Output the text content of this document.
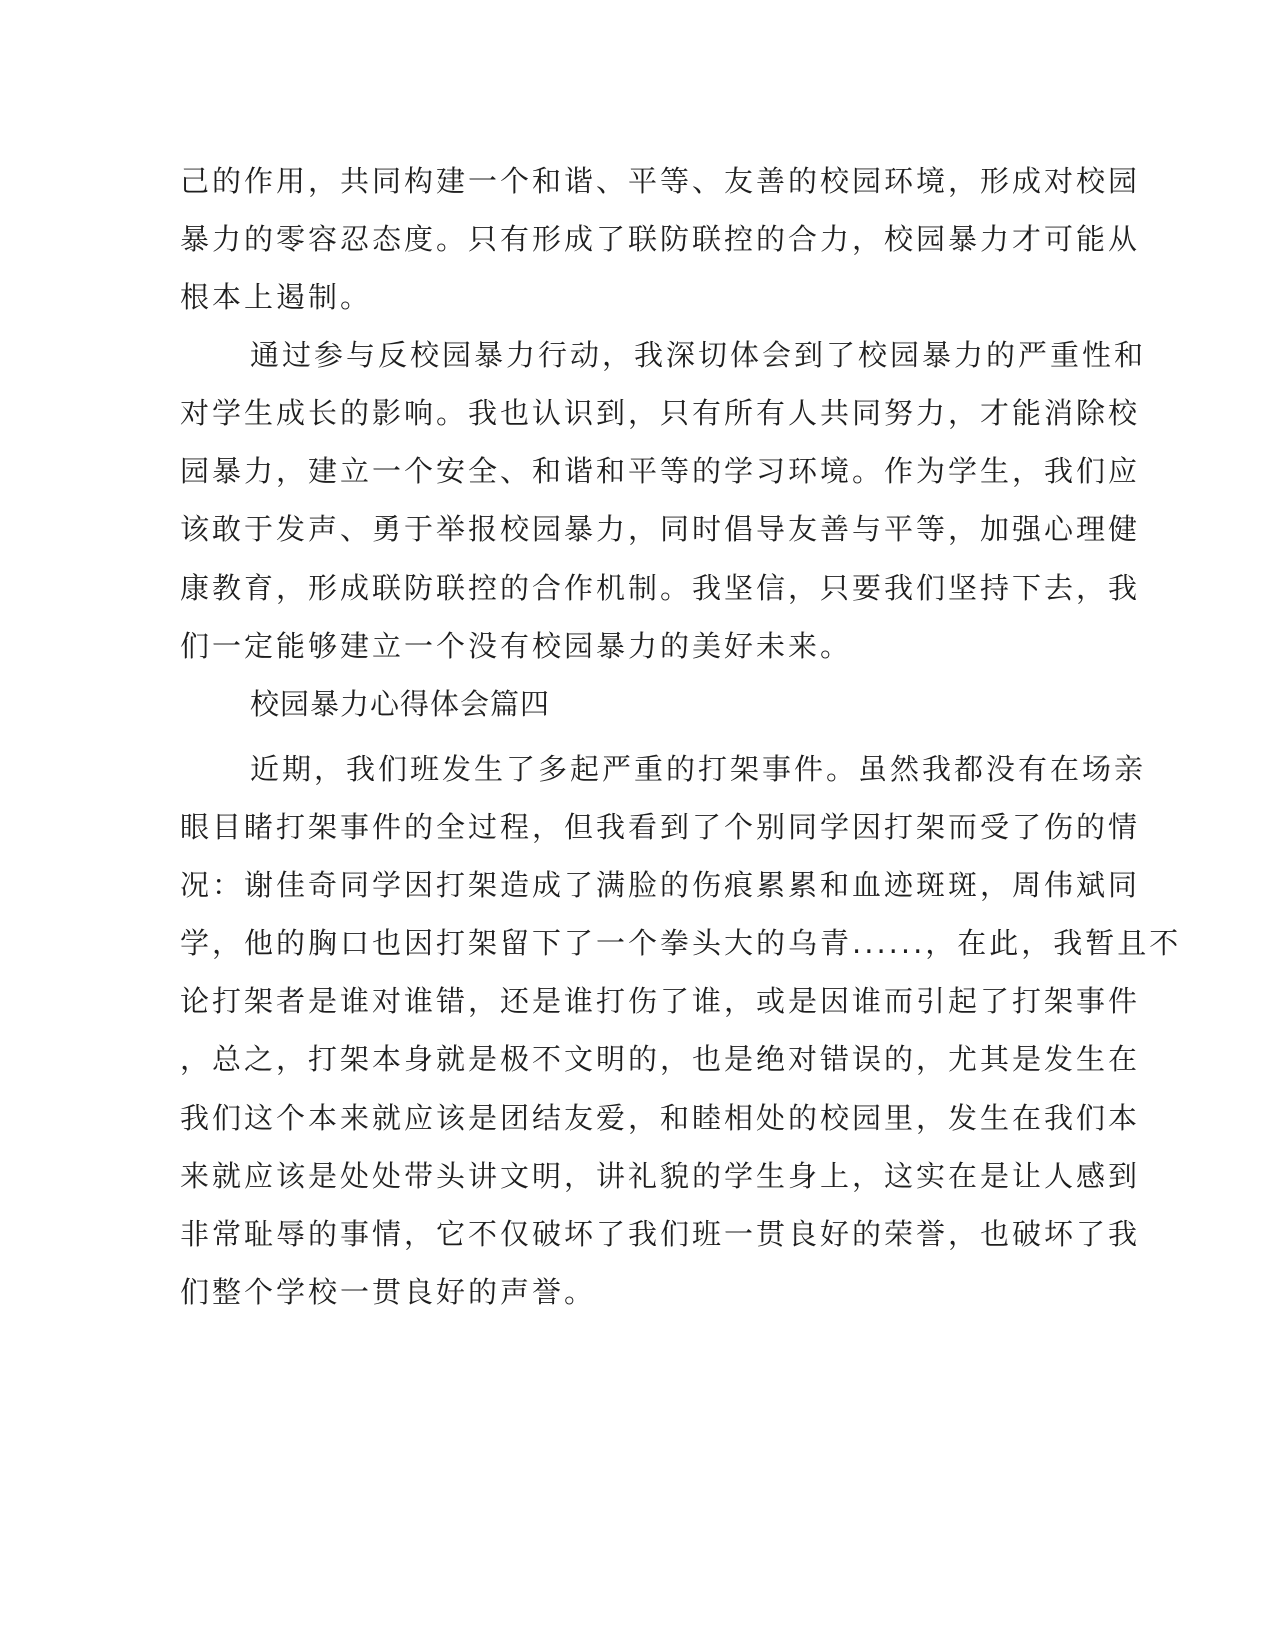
己的作用，共同构建一个和谐、平等、友善的校园环境，形成对校园

暴力的零容忍态度。只有形成了联防联控的合力，校园暴力才可能从

根本上遏制。

通过参与反校园暴力行动，我深切体会到了校园暴力的严重性和

对学生成长的影响。我也认识到，只有所有人共同努力，才能消除校

园暴力，建立一个安全、和谐和平等的学习环境。作为学生，我们应

该敢于发声、勇于举报校园暴力，同时倡导友善与平等，加强心理健

康教育，形成联防联控的合作机制。我坚信，只要我们坚持下去，我

们一定能够建立一个没有校园暴力的美好未来。

校园暴力心得体会篇四

近期，我们班发生了多起严重的打架事件。虽然我都没有在场亲

眼目睹打架事件的全过程，但我看到了个别同学因打架而受了伤的情

况：谢佳奇同学因打架造成了满脸的伤痕累累和血迹斑斑，周伟斌同

学，他的胸口也因打架留下了一个拳头大的乌青......，在此，我暂且不

论打架者是谁对谁错，还是谁打伤了谁，或是因谁而引起了打架事件

，总之，打架本身就是极不文明的，也是绝对错误的，尤其是发生在

我们这个本来就应该是团结友爱，和睦相处的校园里，发生在我们本

来就应该是处处带头讲文明，讲礼貌的学生身上，这实在是让人感到

非常耻辱的事情，它不仅破坏了我们班一贯良好的荣誉，也破坏了我

们整个学校一贯良好的声誉。
